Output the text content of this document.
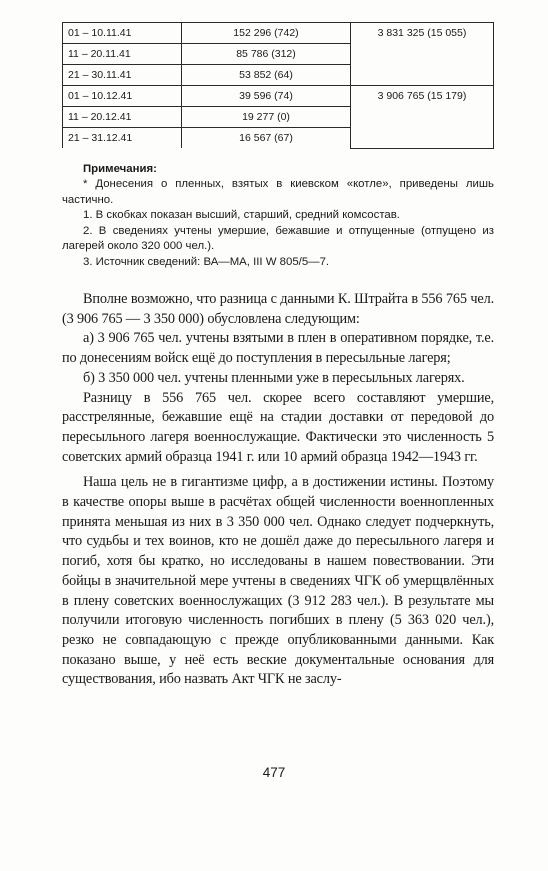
01 – 10.11.41	152 296 (742)	3 831 325 (15 055)
11 – 20.11.41	85 786 (312)	
21 – 30.11.41	53 852 (64)	
01 – 10.12.41	39 596 (74)	3 906 765 (15 179)
11 – 20.12.41	19 277 (0)	
21 – 31.12.41	16 567 (67)	
Примечания:

* Донесения о пленных, взятых в киевском «котле», приведены лишь частично.

1. В скобках показан высший, старший, средний комсостав.

2. В сведениях учтены умершие, бежавшие и отпущенные (отпущено из лагерей около 320 000 чел.).

3. Источник сведений: ВА—МА, III W 805/5—7.

Вполне возможно, что разница с данными К. Штрайта в 556 765 чел. (3 906 765 — 3 350 000) обусловлена следующим:

а) 3 906 765 чел. учтены взятыми в плен в оперативном порядке, т.е. по донесениям войск ещё до поступления в пересыльные лагеря;

б) 3 350 000 чел. учтены пленными уже в пересыльных лагерях.

Разницу в 556 765 чел. скорее всего составляют умершие, расстрелянные, бежавшие ещё на стадии доставки от передовой до пересыльного лагеря военнослужащие. Фактически это численность 5 советских армий образца 1941 г. или 10 армий образца 1942—1943 гг.

Наша цель не в гигантизме цифр, а в достижении истины. Поэтому в качестве опоры выше в расчётах общей численности военнопленных принята меньшая из них в 3 350 000 чел. Однако следует подчеркнуть, что судьбы и тех воинов, кто не дошёл даже до пересыльного лагеря и погиб, хотя бы кратко, но исследованы в нашем повествовании. Эти бойцы в значительной мере учтены в сведениях ЧГК об умерщвлённых в плену советских военнослужащих (3 912 283 чел.). В результате мы получили итоговую численность погибших в плену (5 363 020 чел.), резко не совпадающую с прежде опубликованными данными. Как показано выше, у неё есть веские документальные основания для существования, ибо назвать Акт ЧГК не заслу-

477
